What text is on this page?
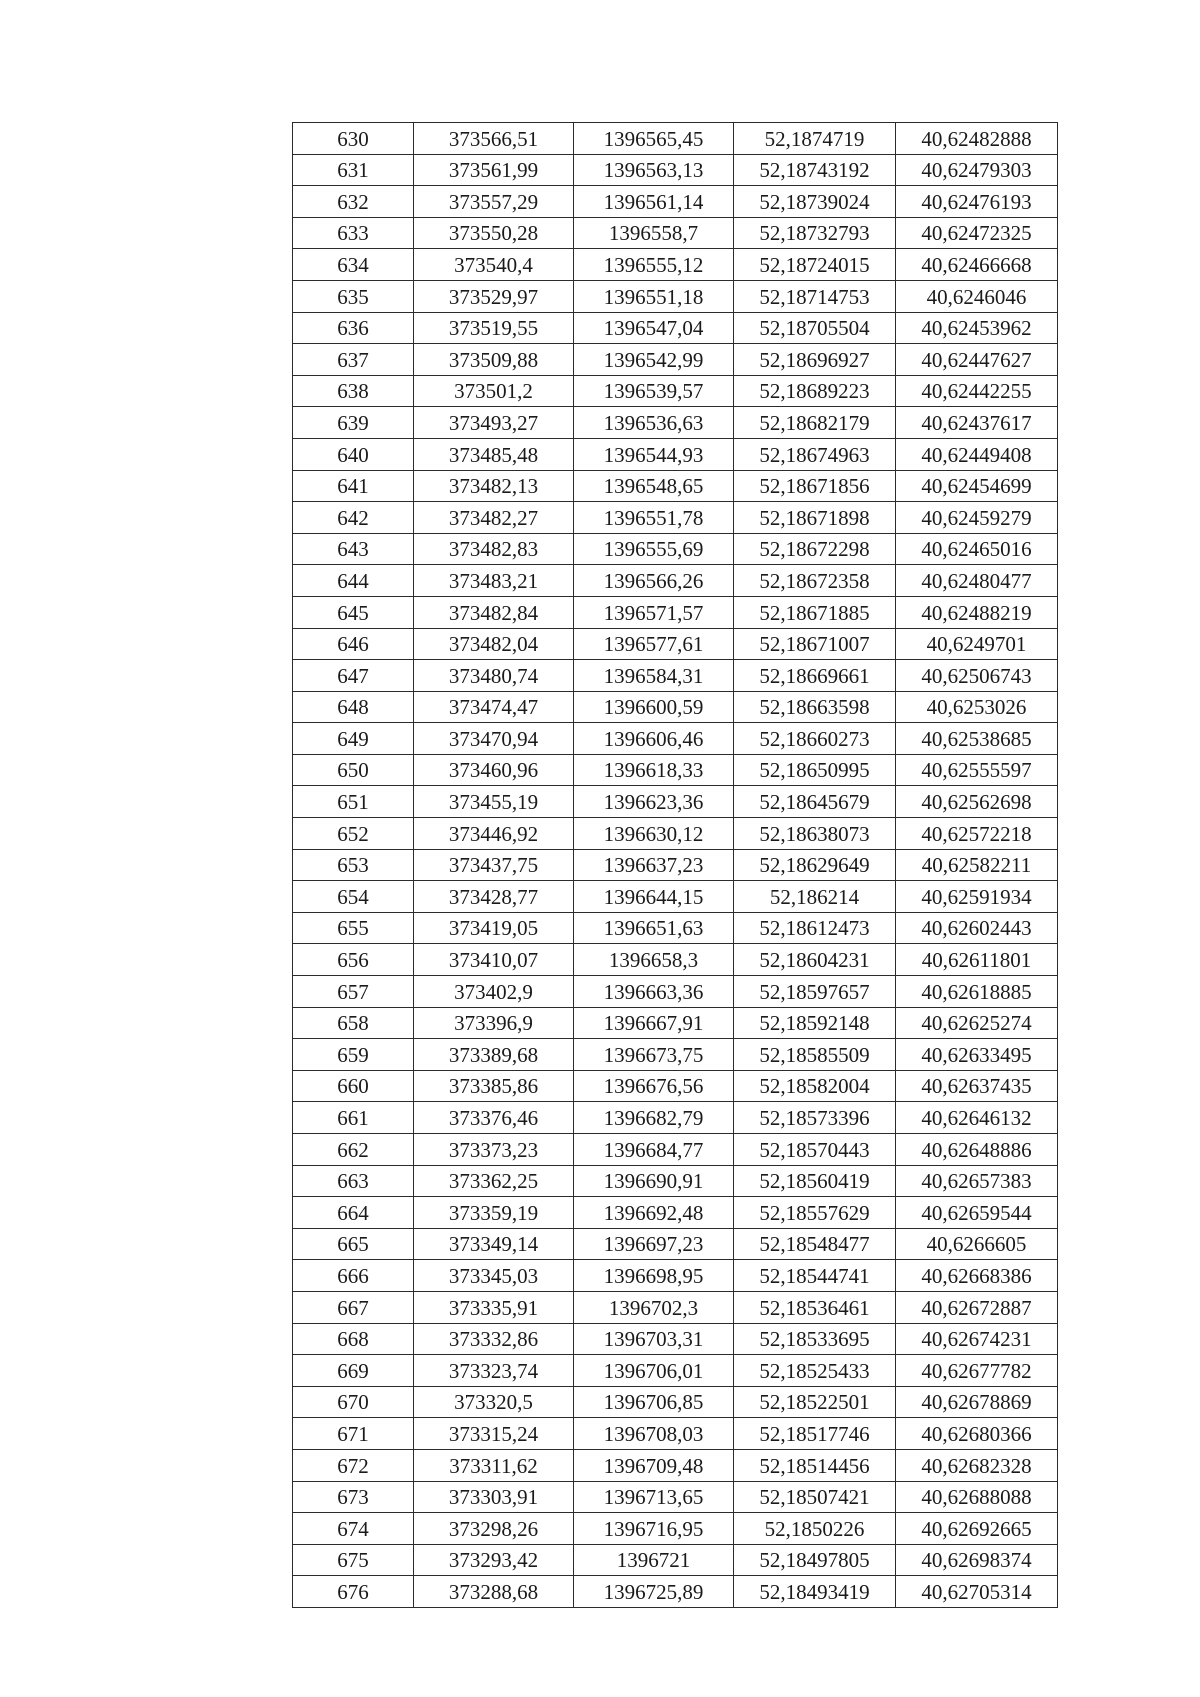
630	373566,51	1396565,45	52,1874719	40,62482888
631	373561,99	1396563,13	52,18743192	40,62479303
632	373557,29	1396561,14	52,18739024	40,62476193
633	373550,28	1396558,7	52,18732793	40,62472325
634	373540,4	1396555,12	52,18724015	40,62466668
635	373529,97	1396551,18	52,18714753	40,6246046
636	373519,55	1396547,04	52,18705504	40,62453962
637	373509,88	1396542,99	52,18696927	40,62447627
638	373501,2	1396539,57	52,18689223	40,62442255
639	373493,27	1396536,63	52,18682179	40,62437617
640	373485,48	1396544,93	52,18674963	40,62449408
641	373482,13	1396548,65	52,18671856	40,62454699
642	373482,27	1396551,78	52,18671898	40,62459279
643	373482,83	1396555,69	52,18672298	40,62465016
644	373483,21	1396566,26	52,18672358	40,62480477
645	373482,84	1396571,57	52,18671885	40,62488219
646	373482,04	1396577,61	52,18671007	40,6249701
647	373480,74	1396584,31	52,18669661	40,62506743
648	373474,47	1396600,59	52,18663598	40,6253026
649	373470,94	1396606,46	52,18660273	40,62538685
650	373460,96	1396618,33	52,18650995	40,62555597
651	373455,19	1396623,36	52,18645679	40,62562698
652	373446,92	1396630,12	52,18638073	40,62572218
653	373437,75	1396637,23	52,18629649	40,62582211
654	373428,77	1396644,15	52,186214	40,62591934
655	373419,05	1396651,63	52,18612473	40,62602443
656	373410,07	1396658,3	52,18604231	40,62611801
657	373402,9	1396663,36	52,18597657	40,62618885
658	373396,9	1396667,91	52,18592148	40,62625274
659	373389,68	1396673,75	52,18585509	40,62633495
660	373385,86	1396676,56	52,18582004	40,62637435
661	373376,46	1396682,79	52,18573396	40,62646132
662	373373,23	1396684,77	52,18570443	40,62648886
663	373362,25	1396690,91	52,18560419	40,62657383
664	373359,19	1396692,48	52,18557629	40,62659544
665	373349,14	1396697,23	52,18548477	40,6266605
666	373345,03	1396698,95	52,18544741	40,62668386
667	373335,91	1396702,3	52,18536461	40,62672887
668	373332,86	1396703,31	52,18533695	40,62674231
669	373323,74	1396706,01	52,18525433	40,62677782
670	373320,5	1396706,85	52,18522501	40,62678869
671	373315,24	1396708,03	52,18517746	40,62680366
672	373311,62	1396709,48	52,18514456	40,62682328
673	373303,91	1396713,65	52,18507421	40,62688088
674	373298,26	1396716,95	52,1850226	40,62692665
675	373293,42	1396721	52,18497805	40,62698374
676	373288,68	1396725,89	52,18493419	40,62705314
